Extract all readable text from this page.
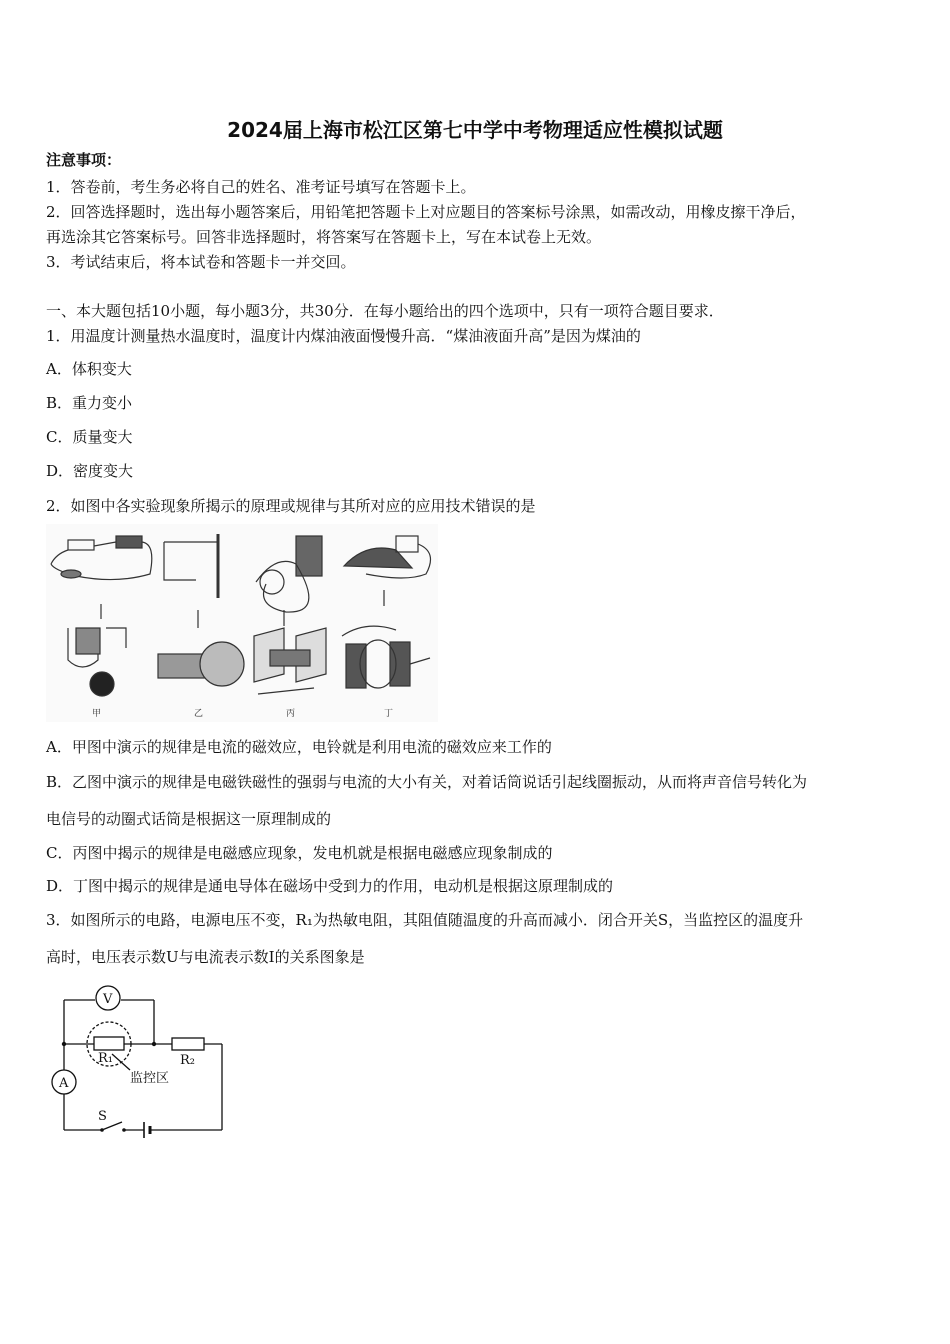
2024届上海市松江区第七中学中考物理适应性模拟试题
注意事项：
1．答卷前，考生务必将自己的姓名、准考证号填写在答题卡上。
2．回答选择题时，选出每小题答案后，用铅笔把答题卡上对应题目的答案标号涂黑，如需改动，用橡皮擦干净后，
再选涂其它答案标号。回答非选择题时，将答案写在答题卡上，写在本试卷上无效。
3．考试结束后，将本试卷和答题卡一并交回。
一、本大题包括10小题，每小题3分，共30分．在每小题给出的四个选项中，只有一项符合题目要求．
1．用温度计测量热水温度时，温度计内煤油液面慢慢升高．“煤油液面升高”是因为煤油的
A．体积变大
B．重力变小
C．质量变大
D．密度变大
2．如图中各实验现象所揭示的原理或规律与其所对应的应用技术错误的是
甲	乙	丙	丁
A．甲图中演示的规律是电流的磁效应，电铃就是利用电流的磁效应来工作的
B．乙图中演示的规律是电磁铁磁性的强弱与电流的大小有关，对着话筒说话引起线圈振动，从而将声音信号转化为
电信号的动圈式话筒是根据这一原理制成的
C．丙图中揭示的规律是电磁感应现象，发电机就是根据电磁感应现象制成的
D．丁图中揭示的规律是通电导体在磁场中受到力的作用，电动机是根据这原理制成的
3．如图所示的电路，电源电压不变，R₁为热敏电阻，其阻值随温度的升高而减小．闭合开关S，当监控区的温度升
高时，电压表示数U与电流表示数I的关系图象是
V
A
R₁	R₂
S
监控区
